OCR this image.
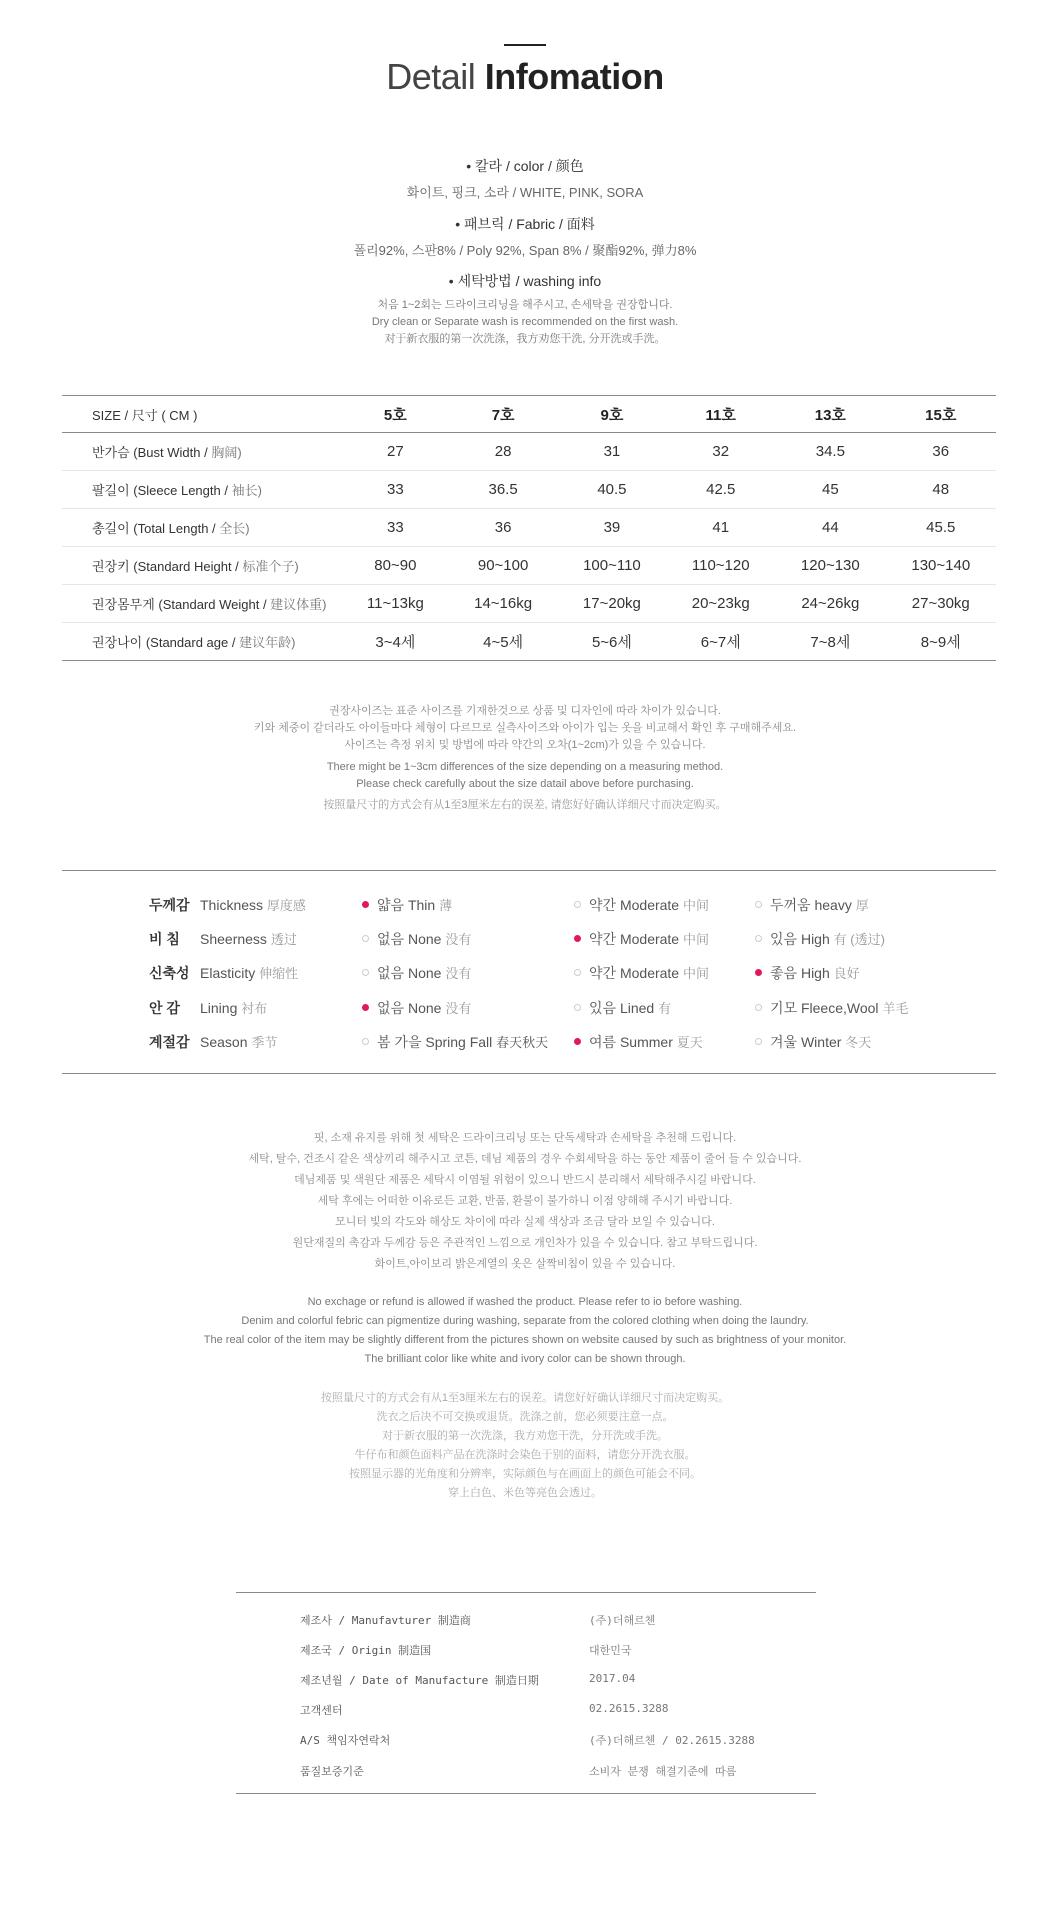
Detail Infomation
• 칼라 / color / 颜色
화이트, 핑크, 소라 / WHITE, PINK, SORA
• 패브릭 / Fabric / 面料
폴리92%, 스판8% / Poly 92%, Span 8% / 聚酯92%, 弹力8%
• 세탁방법 / washing info
처음 1~2회는 드라이크리닝을 해주시고, 손세탁을 권장합니다.
Dry clean or Separate wash is recommended on the first wash.
对于新衣服的第一次洗涤，我方劝您干洗, 分开洗或手洗。
SIZE / 尺寸 ( CM )	5호	7호	9호	11호	13호	15호
반가슴 (Bust Width / 胸阔)	27	28	31	32	34.5	36
팔길이 (Sleece Length / 袖长)	33	36.5	40.5	42.5	45	48
총길이 (Total Length / 全长)	33	36	39	41	44	45.5
권장키 (Standard Height / 标准个子)	80~90	90~100	100~110	110~120	120~130	130~140
권장몸무게 (Standard Weight / 建议体重)	11~13kg	14~16kg	17~20kg	20~23kg	24~26kg	27~30kg
권장나이 (Standard age / 建议年龄)	3~4세	4~5세	5~6세	6~7세	7~8세	8~9세
권장사이즈는 표준 사이즈를 기재한것으로 상품 및 디자인에 따라 차이가 있습니다.
키와 체중이 같더라도 아이들마다 체형이 다르므로 실측사이즈와 아이가 입는 옷을 비교해서 확인 후 구매해주세요.
사이즈는 측정 위치 및 방법에 따라 약간의 오차(1~2cm)가 있을 수 있습니다.
There might be 1~3cm differences of the size depending on a measuring method.
Please check carefully about the size datail above before purchasing.
按照量尺寸的方式会有从1至3厘米左右的误差, 请您好好确认详细尺寸而决定购买。
두께감 Thickness 厚度感	얇음 Thin 薄	약간 Moderate 中间	두꺼움 heavy 厚
비 침 Sheerness 透过	없음 None 没有	약간 Moderate 中间	있음 High 有 (透过)
신축성 Elasticity 伸缩性	없음 None 没有	약간 Moderate 中间	좋음 High 良好
안 감 Lining 衬布	없음 None 没有	있음 Lined 有	기모 Fleece,Wool 羊毛
계절감 Season 季节	봄 가을 Spring Fall 春天秋天	여름 Summer 夏天	겨울 Winter 冬天
핏, 소재 유지를 위해 첫 세탁은 드라이크리닝 또는 단독세탁과 손세탁을 추천해 드립니다.
세탁, 탈수, 건조시 같은 색상끼리 해주시고 코튼, 데님 제품의 경우 수회세탁을 하는 동안 제품이 줄어 들 수 있습니다.
데님제품 및 색원단 제품은 세탁시 이염될 위험이 있으니 반드시 분리해서 세탁해주시길 바랍니다.
세탁 후에는 어떠한 이유로든 교환, 반품, 환불이 불가하니 이점 양해해 주시기 바랍니다.
모니터 빛의 각도와 해상도 차이에 따라 실제 색상과 조금 달라 보일 수 있습니다.
원단재질의 촉감과 두께감 등은 주관적인 느낌으로 개인차가 있을 수 있습니다. 참고 부탁드립니다.
화이트,아이보리 밝은계열의 옷은 살짝비침이 있을 수 있습니다.
No exchage or refund is allowed if washed the product. Please refer to io before washing.
Denim and colorful febric can pigmentize during washing, separate from the colored clothing when doing the laundry.
The real color of the item may be slightly different from the pictures shown on website caused by such as brightness of your monitor.
The brilliant color like white and ivory color can be shown through.
按照量尺寸的方式会有从1至3厘米左右的误差。请您好好确认详细尺寸而决定购买。
洗衣之后决不可交换或退货。洗涤之前，您必须要注意一点。
对于新衣服的第一次洗涤，我方劝您干洗，分开洗或手洗。
牛仔布和颜色面料产品在洗涤时会染色于别的面料，请您分开洗衣服。
按照显示器的光角度和分辨率，实际颜色与在画面上的颜色可能会不同。
穿上白色、米色等亮色会透过。
제조사 / Manufavturer 制造商	(주)더해르첸
제조국 / Origin 制造国	대한민국
제조년월 / Date of Manufacture 制造日期	2017.04
고객센터	02.2615.3288
A/S 책임자연락처	(주)더해르첸 / 02.2615.3288
품질보증기준	소비자 분쟁 해결기준에 따름
